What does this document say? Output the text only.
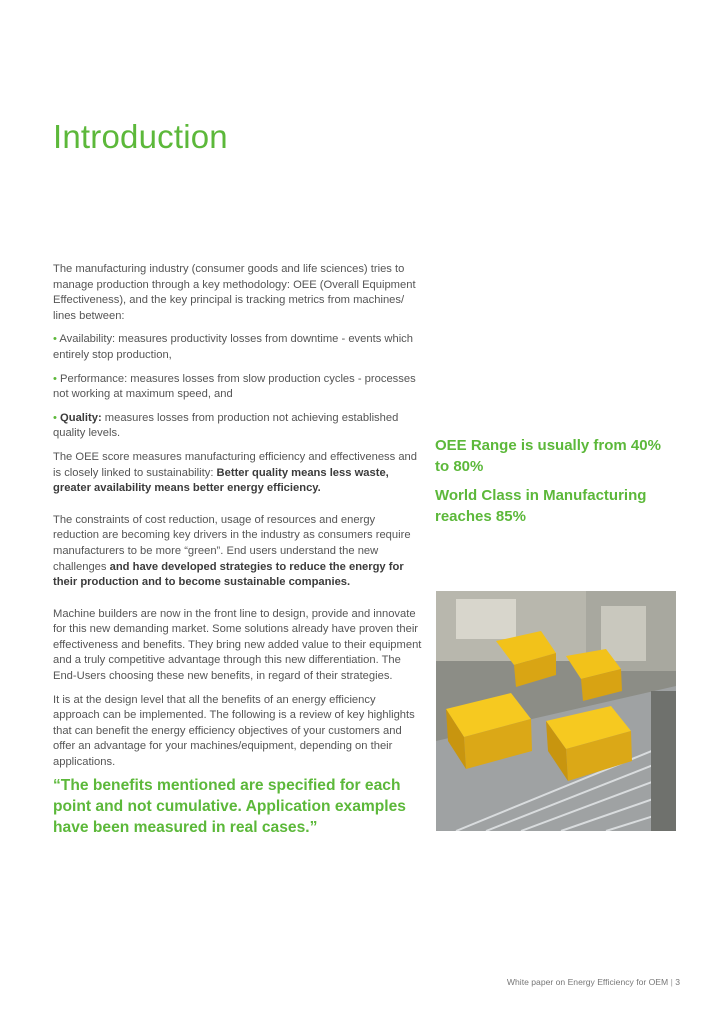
Introduction

The manufacturing industry (consumer goods and life sciences) tries to manage production through a key methodology: OEE (Overall Equipment Effectiveness), and the key principal is tracking metrics from machines/ lines between:

• Availability: measures productivity losses from downtime - events which entirely stop production,

• Performance: measures losses from slow production cycles - processes not working at maximum speed, and

• Quality: measures losses from production not achieving established quality levels.

The OEE score measures manufacturing efficiency and effectiveness and is closely linked to sustainability: Better quality means less waste, greater availability means better energy efficiency.

The constraints of cost reduction, usage of resources and energy reduction are becoming key drivers in the industry as consumers require manufacturers to be more “green”. End users understand the new challenges and have developed strategies to reduce the energy for their production and to become sustainable companies.

Machine builders are now in the front line to design, provide and innovate for this new demanding market. Some solutions already have proven their effectiveness and benefits. They bring new added value to their equipment and a truly competitive advantage through this new differentiation. The End-Users choosing these new benefits, in regard of their strategies.

It is at the design level that all the benefits of an energy efficiency approach can be implemented. The following is a review of key highlights that can benefit the energy efficiency objectives of your customers and offer an advantage for your machines/equipment, depending on their applications.

“The benefits mentioned are specified for each point and not cumulative. Application examples have been measured in real cases.”

OEE Range is usually from 40% to 80%

World Class in Manufacturing reaches 85%

White paper on Energy Efficiency for OEM | 3
